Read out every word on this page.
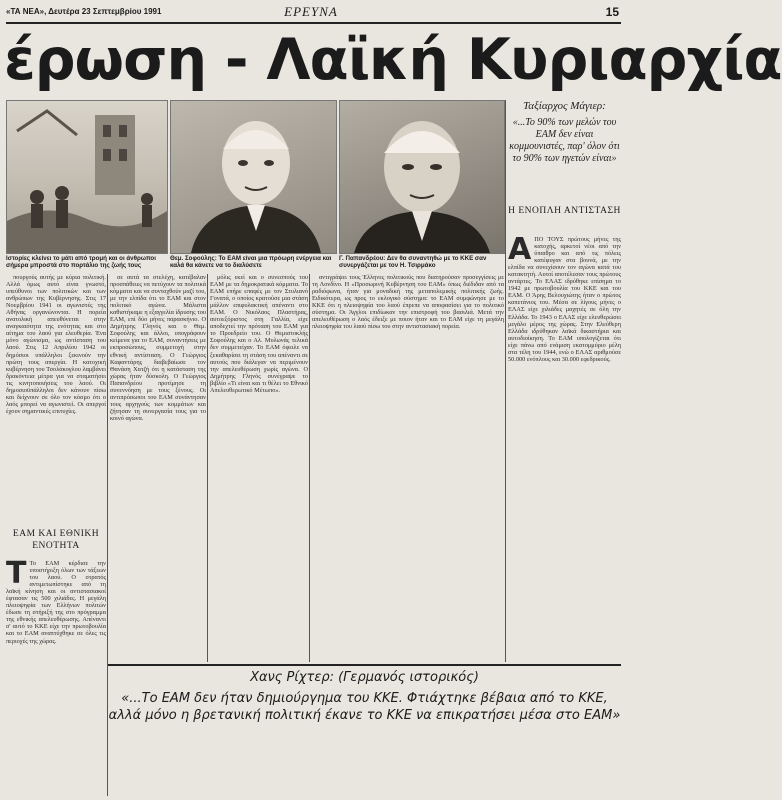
«ΤΑ ΝΕΑ», Δευτέρα 23 Σεπτεμβρίου 1991	ΕΡΕΥΝΑ	15
έρωση - Λαϊκή Κυριαρχία
Ιστορίες κλείνει το μάτι από τρομή και οι άνθρωποι σήμερα μπροστά στο πορτάλιο της ζωής τους
Θεμ. Σοφούλης: Το ΕΑΜ είναι μια πρόωρη ενέργεια και καλά θα κάνετε να το διαλύσετε
Γ. Παπανδρέου: Δεν θα συναντηθώ με το ΚΚΕ σαν συνεργάζεται με τον Η. Τσιρμάκο
Ταξίαρχος Μάγιερ:
«...Το 90% των μελών του ΕΑΜ δεν είναι κομμουνιστές, παρ' όλον ότι το 90% των ηγετών είναι»
Η ΕΝΟΠΛΗ ΑΝΤΙΣΤΑΣΗ

ΑΠΟ ΤΟΥΣ πρώτους μήνες της κατοχής, αρκετοί νέοι από την ύπαιθρο και από τις πόλεις κατέφυγαν στα βουνά, με την ελπίδα να συνεχίσουν τον αγώνα κατά του κατακτητή. Αυτοί αποτέλεσαν τους πρώτους αντάρτες. Το ΕΛΑΣ ιδρύθηκε επίσημα το 1942 με πρωτοβουλία του ΚΚΕ και του ΕΑΜ. Ο Άρης Βελουχιώτης ήταν ο πρώτος καπετάνιος του. Μέσα σε λίγους μήνες ο ΕΛΑΣ είχε χιλιάδες μαχητές σε όλη την Ελλάδα. Το 1943 ο ΕΛΑΣ είχε ελευθερώσει μεγάλο μέρος της χώρας. Στην Ελεύθερη Ελλάδα ιδρύθηκαν λαϊκά δικαστήρια και αυτοδιοίκηση. Το ΕΑΜ υπολογίζεται ότι είχε πάνω από ενάμιση εκατομμύριο μέλη στα τέλη του 1944, ενώ ο ΕΛΑΣ αριθμούσε 50.000 ενόπλους και 30.000 εφεδρικούς.

πουργούς αυτής με κύρια πολιτική. Αλλά όμως αυτό είναι γνωστό, υπεύθυνοι των πολιτικών και των ανθρώπων της Κυβέρνησης. Στις 17 Νοεμβρίου 1941 οι αγωνιστές της Αθήνας οργανώνονται. Η πορεία ανατολική απευθύνεται στην αναγκαιότητα της ενότητας και στο αίτημα του λαού για ελευθερία. Ένα μόνο αγώνισμα, ως αντίσταση του λαού. Στις 12 Απριλίου 1942 οι δημόσιοι υπάλληλοι ξεκινούν την πρώτη τους απεργία. Η κατοχική κυβέρνηση του Τσολάκογλου λαμβάνει δρακόντεια μέτρα για να σταματήσει τις κινητοποιήσεις του λαού. Οι δημοσιοϋπάλληλοι δεν κάνουν πίσω και δείχνουν σε όλο τον κόσμο ότι ο λαός μπορεί να αγωνιστεί. Οι απεργοί έχουν σημαντικές επιτυχίες.

ΕΑΜ ΚΑΙ ΕΘΝΙΚΗ ΕΝΟΤΗΤΑ

Τ Το ΕΑΜ κέρδισε την υποστήριξη όλων των τάξεων του λαού. Ο στρατός αντιμετωπίστηκε από τη λαϊκή κίνηση και οι αντιστασιακοί έφτασαν τις 500 χιλιάδες. Η μεγάλη πλειοψηφία των Ελλήνων πολιτών έδωσε τη στήριξή της στο πρόγραμμα της εθνικής απελευθέρωσης. Απέναντι σ' αυτό το ΚΚΕ είχε την πρωτοβουλία και το ΕΑΜ αναπτύχθηκε σε όλες τις περιοχές της χώρας.

σε αυτά τα στελέχη, κατέβαλαν προσπάθειες να πετύχουν τα πολιτικά κόμματα και να συνταχθούν μαζί του, με την ελπίδα ότι το ΕΑΜ και στον πολιτικό αγώνα. Μάλιστα καθιστήκαμε η εξαγγελία ίδρυσης του ΕΑΜ, επί δύο μήνες παρασκήνιο. Ο Δημήτρης Γληνός και ο Θεμ. Σοφούλης και άλλοι, υπογράφουν κείμενα για το ΕΑΜ, συναντήσεις με εκπροσώπους, συμμετοχή στην εθνική αντίσταση. Ο Γεώργιος Καφαντάρης διαβεβαίωσε τον Θανάση Χατζή ότι η κατάσταση της χώρας ήταν δύσκολη. Ο Γεώργιος Παπανδρέου προτίμησε τη συνεννόηση με τους ξένους. Οι αντιπρόσωποι του ΕΑΜ συνάντησαν τους αρχηγούς των κομμάτων και ζήτησαν τη συνεργασία τους για το κοινό αγώνα.

μόλις εκεί και ο συνεσπούς του ΕΑΜ με τα δημοκρατικά κόμματα. Το ΕΑΜ επήρε επαφές με τον Στυλιανό Γονατά, ο οποίος κρατούσε μια στάση μάλλον επιφυλακτική απέναντι στο ΕΑΜ. Ο Νικόλαος Πλαστήρας, αυτοεξόριστος στη Γαλλία, είχε αποδεχτεί την πρόταση του ΕΑΜ για το Προεδρείο του. Ο Θεμιστοκλής Σοφούλης και ο Αλ. Μυλωνάς τελικά δεν συμμετείχαν. Το ΕΑΜ όφειλε να ξεκαθαρίσει τη στάση του απέναντι σε αυτούς που διάλεγαν να περιμένουν την απελευθέρωση χωρίς αγώνα. Ο Δημήτρης Γληνός συνέγραψε το βιβλίο «Τι είναι και τι θέλει το Εθνικό Απελευθερωτικό Μέτωπο».

αντιγράψει τους Έλληνες πολιτικούς που διατηρούσαν προσεγγίσεις με τη Λονδίνο. Η «Προσωρινή Κυβέρνηση του ΕΑΜ» όπως διέδιδαν από τα ραδιόφωνα, ήταν για μοναδική της μεταπολεμικής πολιτικής ζωής. Ειδικότερα, ως προς το εκλογικό σύστημα: το ΕΑΜ συμφώνησε με το ΚΚΕ ότι η πλειοψηφία του λαού έπρεπε να αποφασίσει για το πολιτικό σύστημα. Οι Άγγλοι επιδίωκαν την επιστροφή του βασιλιά. Μετά την απελευθέρωση ο λαός έδειξε με ποιον ήταν και το ΕΑΜ είχε τη μεγάλη πλειοψηφία του λαού πίσω του στην αντιστασιακή πορεία.

Χανς Ρίχτερ: (Γερμανός ιστορικός)
«...Το ΕΑΜ δεν ήταν δημιούργημα του ΚΚΕ. Φτιάχτηκε βέβαια από το ΚΚΕ, αλλά μόνο η βρετανική πολιτική έκανε το ΚΚΕ να επικρατήσει μέσα στο ΕΑΜ»
